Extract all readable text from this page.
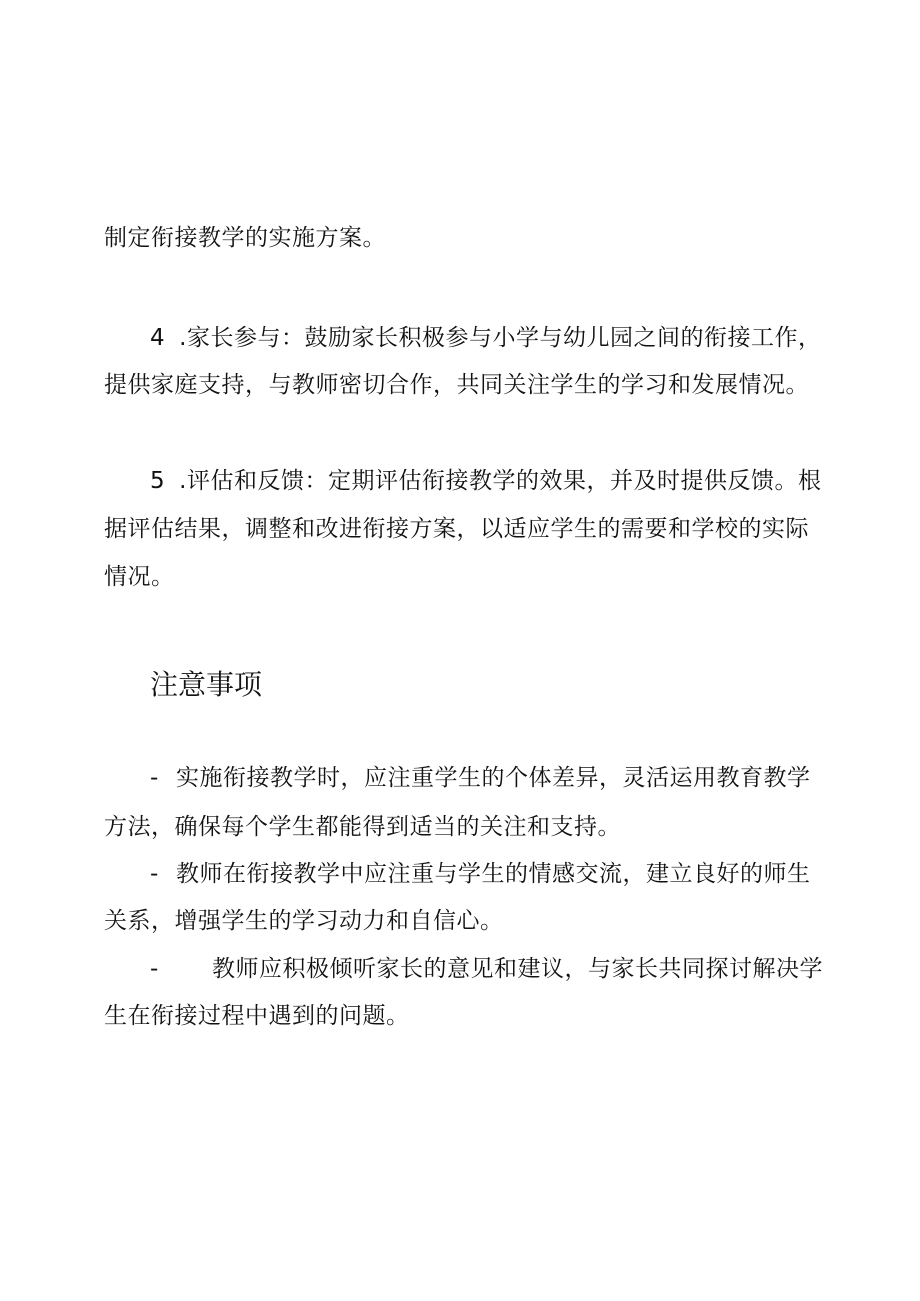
制定衔接教学的实施方案。
4 .家长参与：鼓励家长积极参与小学与幼儿园之间的衔接工作，
提供家庭支持，与教师密切合作，共同关注学生的学习和发展情况。
5 .评估和反馈：定期评估衔接教学的效果，并及时提供反馈。根
据评估结果，调整和改进衔接方案，以适应学生的需要和学校的实际
情况。
注意事项
- 实施衔接教学时，应注重学生的个体差异，灵活运用教育教学
方法，确保每个学生都能得到适当的关注和支持。
- 教师在衔接教学中应注重与学生的情感交流，建立良好的师生
关系，增强学生的学习动力和自信心。
- 教师应积极倾听家长的意见和建议，与家长共同探讨解决学
生在衔接过程中遇到的问题。
